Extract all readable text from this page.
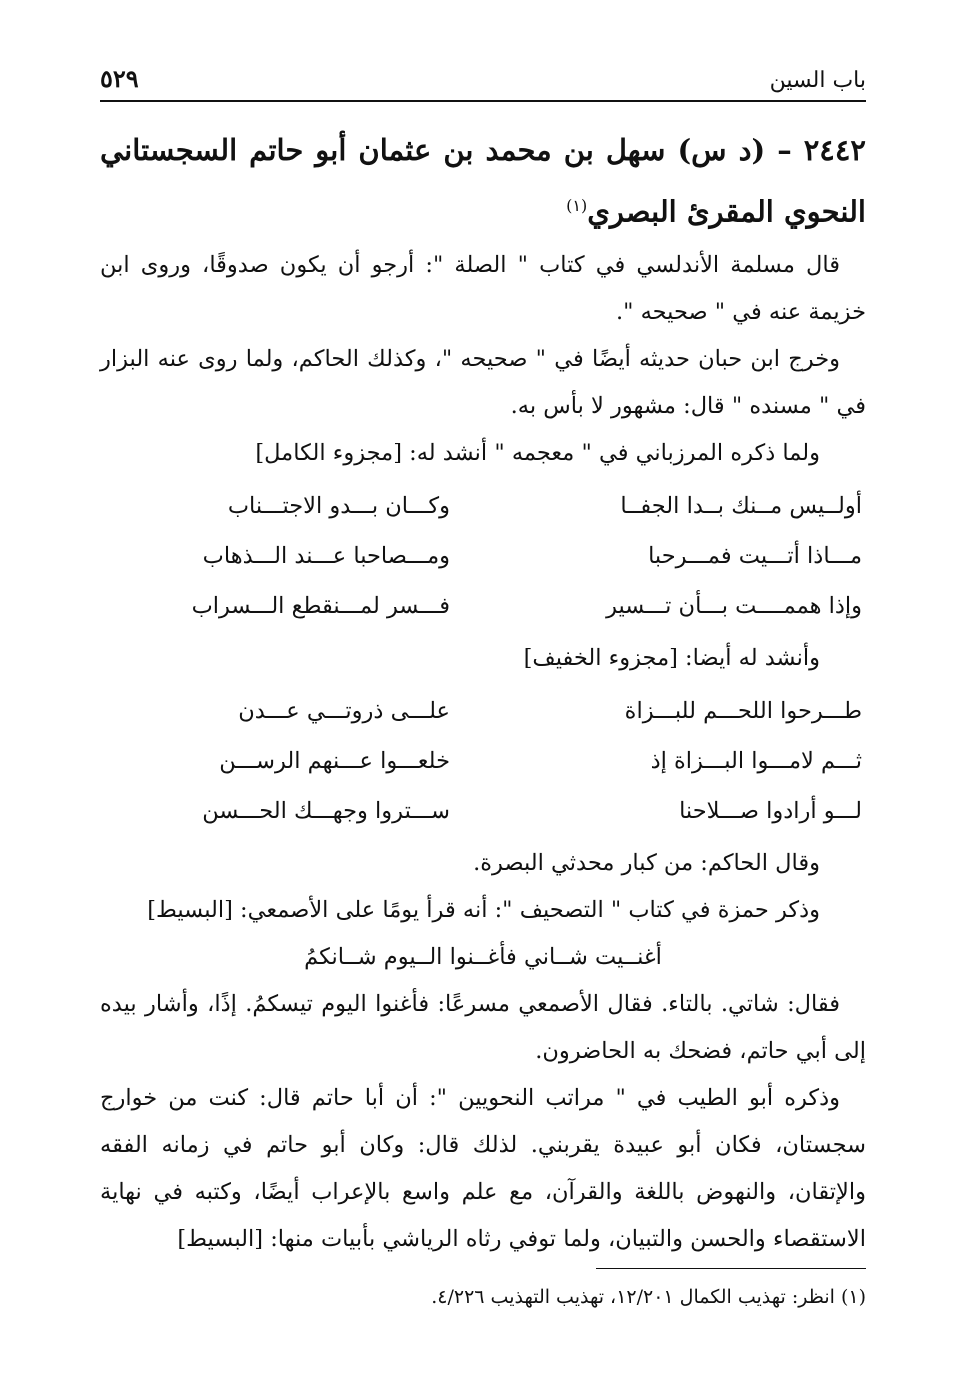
باب السين
٥٢٩
٢٤٤٢ – (د س) سهل بن محمد بن عثمان أبو حاتم السجستاني النحوي المقرئ البصري$^{(١)}$

قال مسلمة الأندلسي في كتاب " الصلة ": أرجو أن يكون صدوقًا، وروى ابن خزيمة عنه في " صحيحه ".

وخرج ابن حبان حديثه أيضًا في " صحيحه "، وكذلك الحاكم، ولما روى عنه البزار في " مسنده " قال: مشهور لا بأس به.

ولما ذكره المرزباني في " معجمه " أنشد له: [مجزوء الكامل]

أولــيس مــنك بــدا الجفــا
وكـــان بـــدو الاجتـــناب
مـــاذا أتـــيت فمـــرحبا
ومـــصاحبا عـــند الـــذهاب
وإذا هممــــت بـــأن تـــسير
فـــسر لمـــنقطع الـــسراب

وأنشد له أيضا: [مجزوء الخفيف]

طـــرحوا اللحـــم للبـــزاة
علـــى ذروتـــي عـــدن
ثـــم لامـــوا البـــزاة إذ
خلعـــوا عـــنهم الرســـن
لـــو أرادوا صـــلاحنا
ســـتروا وجهـــك الحـــسن

وقال الحاكم: من كبار محدثي البصرة.

وذكر حمزة في كتاب " التصحيف ": أنه قرأ يومًا على الأصمعي: [البسيط]

أغنــيت شــاني فأغــنوا الــيوم شــانكمُ

فقال: شاتي. بالتاء. فقال الأصمعي مسرعًا: فأغنوا اليوم تيسكمُ. إذًا، وأشار بيده إلى أبي حاتم، فضحك به الحاضرون.

وذكره أبو الطيب في " مراتب النحويين ": أن أبا حاتم قال: كنت من خوارج سجستان، فكان أبو عبيدة يقربني. لذلك قال: وكان أبو حاتم في زمانه الفقه والإتقان، والنهوض باللغة والقرآن، مع علم واسع بالإعراب أيضًا، وكتبه في نهاية الاستقصاء والحسن والتبيان، ولما توفي رثاه الرياشي بأبيات منها: [البسيط]

(١) انظر: تهذيب الكمال ١٢/٢٠١، تهذيب التهذيب ٤/٢٢٦.
